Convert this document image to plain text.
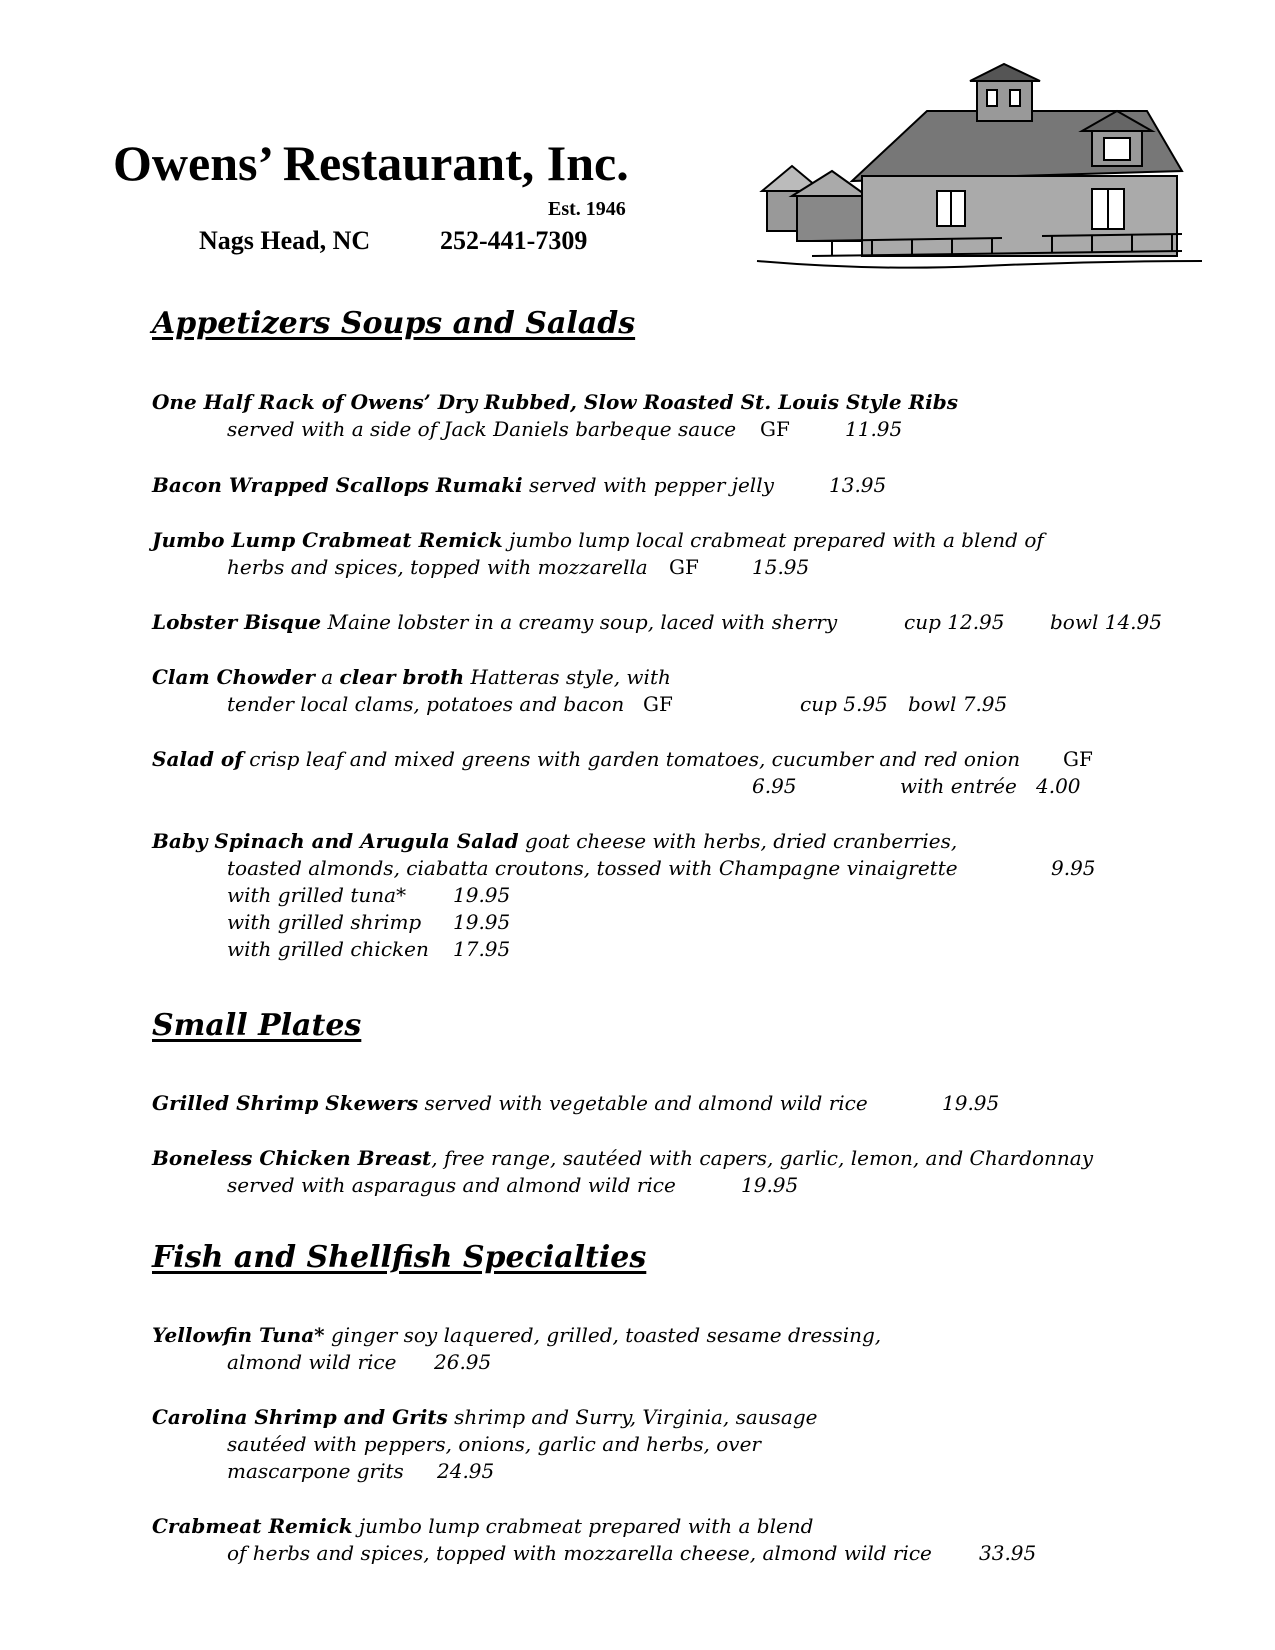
Owens’ Restaurant, Inc.
Est. 1946
Nags Head, NC	252-441-7309
Appetizers Soups and Salads
One Half Rack of Owens’ Dry Rubbed, Slow Roasted St. Louis Style Ribs
served with a side of Jack Daniels barbeque sauce GF	11.95
Bacon Wrapped Scallops Rumaki served with pepper jelly	13.95
Jumbo Lump Crabmeat Remick jumbo lump local crabmeat prepared with a blend of
herbs and spices, topped with mozzarella GF	15.95
Lobster Bisque Maine lobster in a creamy soup, laced with sherry	cup 12.95 bowl 14.95
Clam Chowder a clear broth Hatteras style, with
tender local clams, potatoes and bacon GF	cup 5.95 bowl 7.95
Salad of crisp leaf and mixed greens with garden tomatoes, cucumber and red onion GF
6.95	with entrée 4.00
Baby Spinach and Arugula Salad goat cheese with herbs, dried cranberries,
toasted almonds, ciabatta croutons, tossed with Champagne vinaigrette	9.95
with grilled tuna* 19.95
with grilled shrimp 19.95
with grilled chicken 17.95
Small Plates
Grilled Shrimp Skewers served with vegetable and almond wild rice	19.95
Boneless Chicken Breast, free range, sautéed with capers, garlic, lemon, and Chardonnay
served with asparagus and almond wild rice	19.95
Fish and Shellfish Specialties
Yellowfin Tuna* ginger soy laquered, grilled, toasted sesame dressing,
almond wild rice 26.95
Carolina Shrimp and Grits shrimp and Surry, Virginia, sausage
sautéed with peppers, onions, garlic and herbs, over
mascarpone grits 24.95
Crabmeat Remick jumbo lump crabmeat prepared with a blend
of herbs and spices, topped with mozzarella cheese, almond wild rice 33.95
